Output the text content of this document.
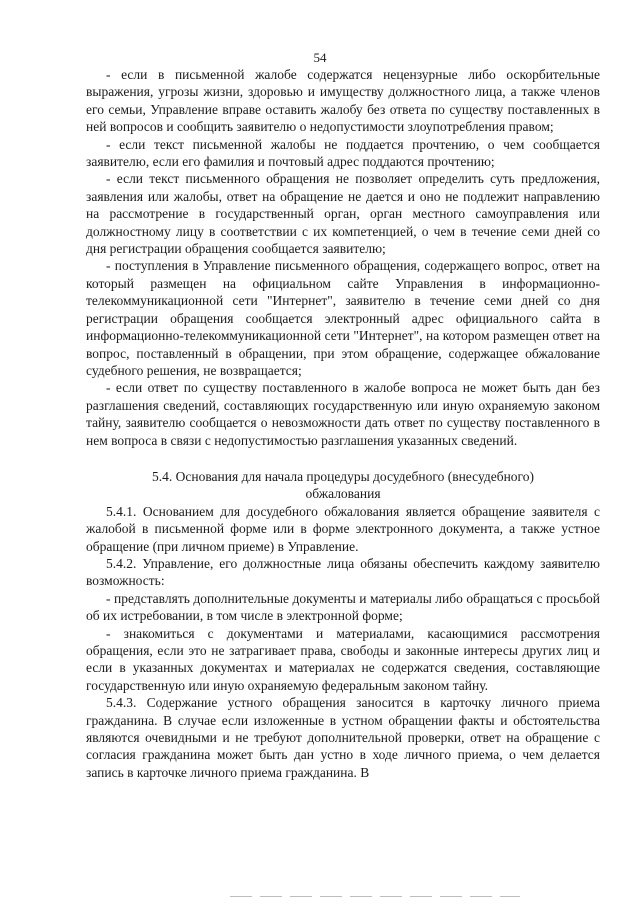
54

- если в письменной жалобе содержатся нецензурные либо оскорбительные выражения, угрозы жизни, здоровью и имуществу должностного лица, а также членов его семьи, Управление вправе оставить жалобу без ответа по существу поставленных в ней вопросов и сообщить заявителю о недопустимости злоупотребления правом;

- если текст письменной жалобы не поддается прочтению, о чем сообщается заявителю, если его фамилия и почтовый адрес поддаются прочтению;

- если текст письменного обращения не позволяет определить суть предложения, заявления или жалобы, ответ на обращение не дается и оно не подлежит направлению на рассмотрение в государственный орган, орган местного самоуправления или должностному лицу в соответствии с их компетенцией, о чем в течение семи дней со дня регистрации обращения сообщается заявителю;

- поступления в Управление письменного обращения, содержащего вопрос, ответ на который размещен на официальном сайте Управления в информационно-телекоммуникационной сети "Интернет", заявителю в течение семи дней со дня регистрации обращения сообщается электронный адрес официального сайта в информационно-телекоммуникационной сети "Интернет", на котором размещен ответ на вопрос, поставленный в обращении, при этом обращение, содержащее обжалование судебного решения, не возвращается;

- если ответ по существу поставленного в жалобе вопроса не может быть дан без разглашения сведений, составляющих государственную или иную охраняемую законом тайну, заявителю сообщается о невозможности дать ответ по существу поставленного в нем вопроса в связи с недопустимостью разглашения указанных сведений.

5.4. Основания для начала процедуры досудебного (внесудебного) обжалования

5.4.1. Основанием для досудебного обжалования является обращение заявителя с жалобой в письменной форме или в форме электронного документа, а также устное обращение (при личном приеме) в Управление.

5.4.2. Управление, его должностные лица обязаны обеспечить каждому заявителю возможность:

- представлять дополнительные документы и материалы либо обращаться с просьбой об их истребовании, в том числе в электронной форме;

- знакомиться с документами и материалами, касающимися рассмотрения обращения, если это не затрагивает права, свободы и законные интересы других лиц и если в указанных документах и материалах не содержатся сведения, составляющие государственную или иную охраняемую федеральным законом тайну.

5.4.3. Содержание устного обращения заносится в карточку личного приема гражданина. В случае если изложенные в устном обращении факты и обстоятельства являются очевидными и не требуют дополнительной проверки, ответ на обращение с согласия гражданина может быть дан устно в ходе личного приема, о чем делается запись в карточке личного приема гражданина. В
